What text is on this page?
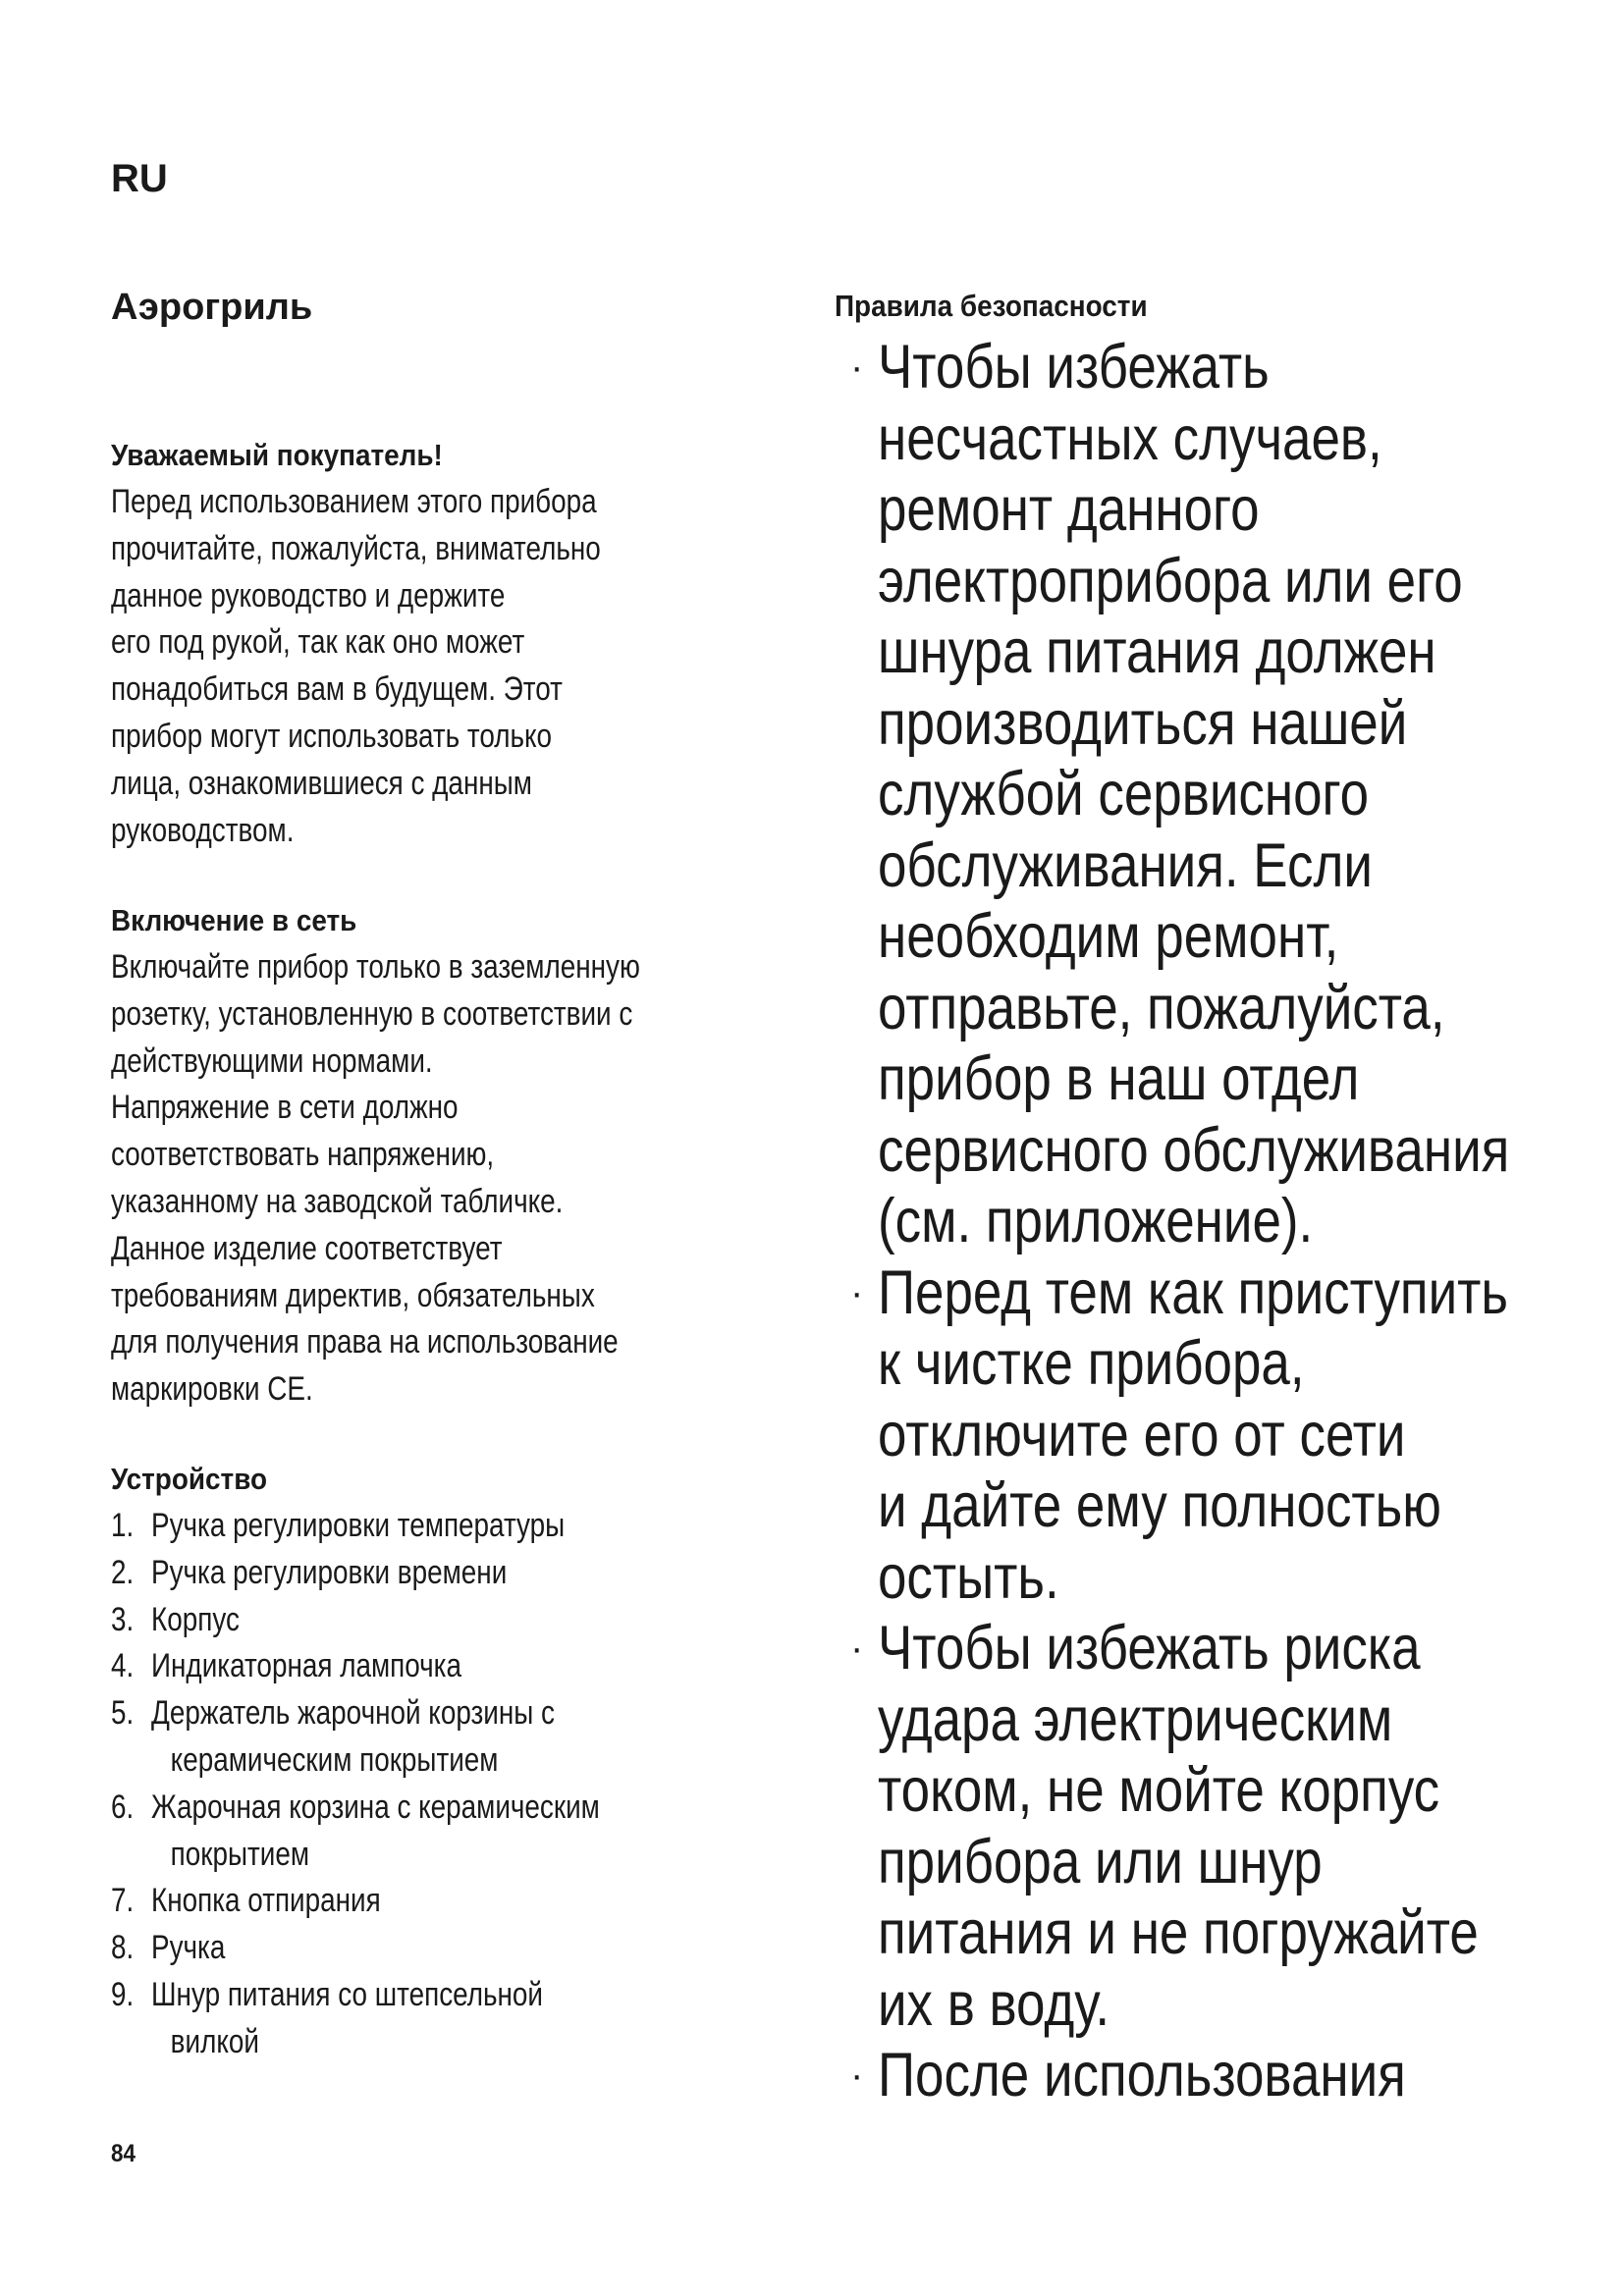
RU
Аэрогриль
Уважаемый покупатель!

Перед использованием этого прибора

прочитайте, пожалуйста, внимательно

данное руководство и держите

его под рукой, так как оно может

понадобиться вам в будущем. Этот

прибор могут использовать только

лица, ознакомившиеся с данным

руководством.

Включение в сеть

Включайте прибор только в заземленную

розетку, установленную в соответствии с

действующими нормами.

Напряжение в сети должно

соответствовать напряжению,

указанному на заводской табличке.

Данное изделие соответствует

требованиям директив, обязательных

для получения права на использование

маркировки CE.

Устройство
1. Ручка регулировки температуры
2. Ручка регулировки времени
3. Корпус
4. Индикаторная лампочка
5. Держатель жарочной корзины с
керамическим покрытием
6. Жарочная корзина с керамическим
покрытием
7. Кнопка отпирания
8. Ручка
9. Шнур питания со штепсельной
вилкой
84
Правила безопасности
· Чтобы избежать
несчастных случаев,
ремонт данного
электроприбора или его
шнура питания должен
производиться нашей
службой сервисного
обслуживания. Если
необходим ремонт,
отправьте, пожалуйста,
прибор в наш отдел
сервисного обслуживания
(см. приложение).
· Перед тем как приступить
к чистке прибора,
отключите его от сети
и дайте ему полностью
остыть.
· Чтобы избежать риска
удара электрическим
током, не мойте корпус
прибора или шнур
питания и не погружайте
их в воду.
· После использования
